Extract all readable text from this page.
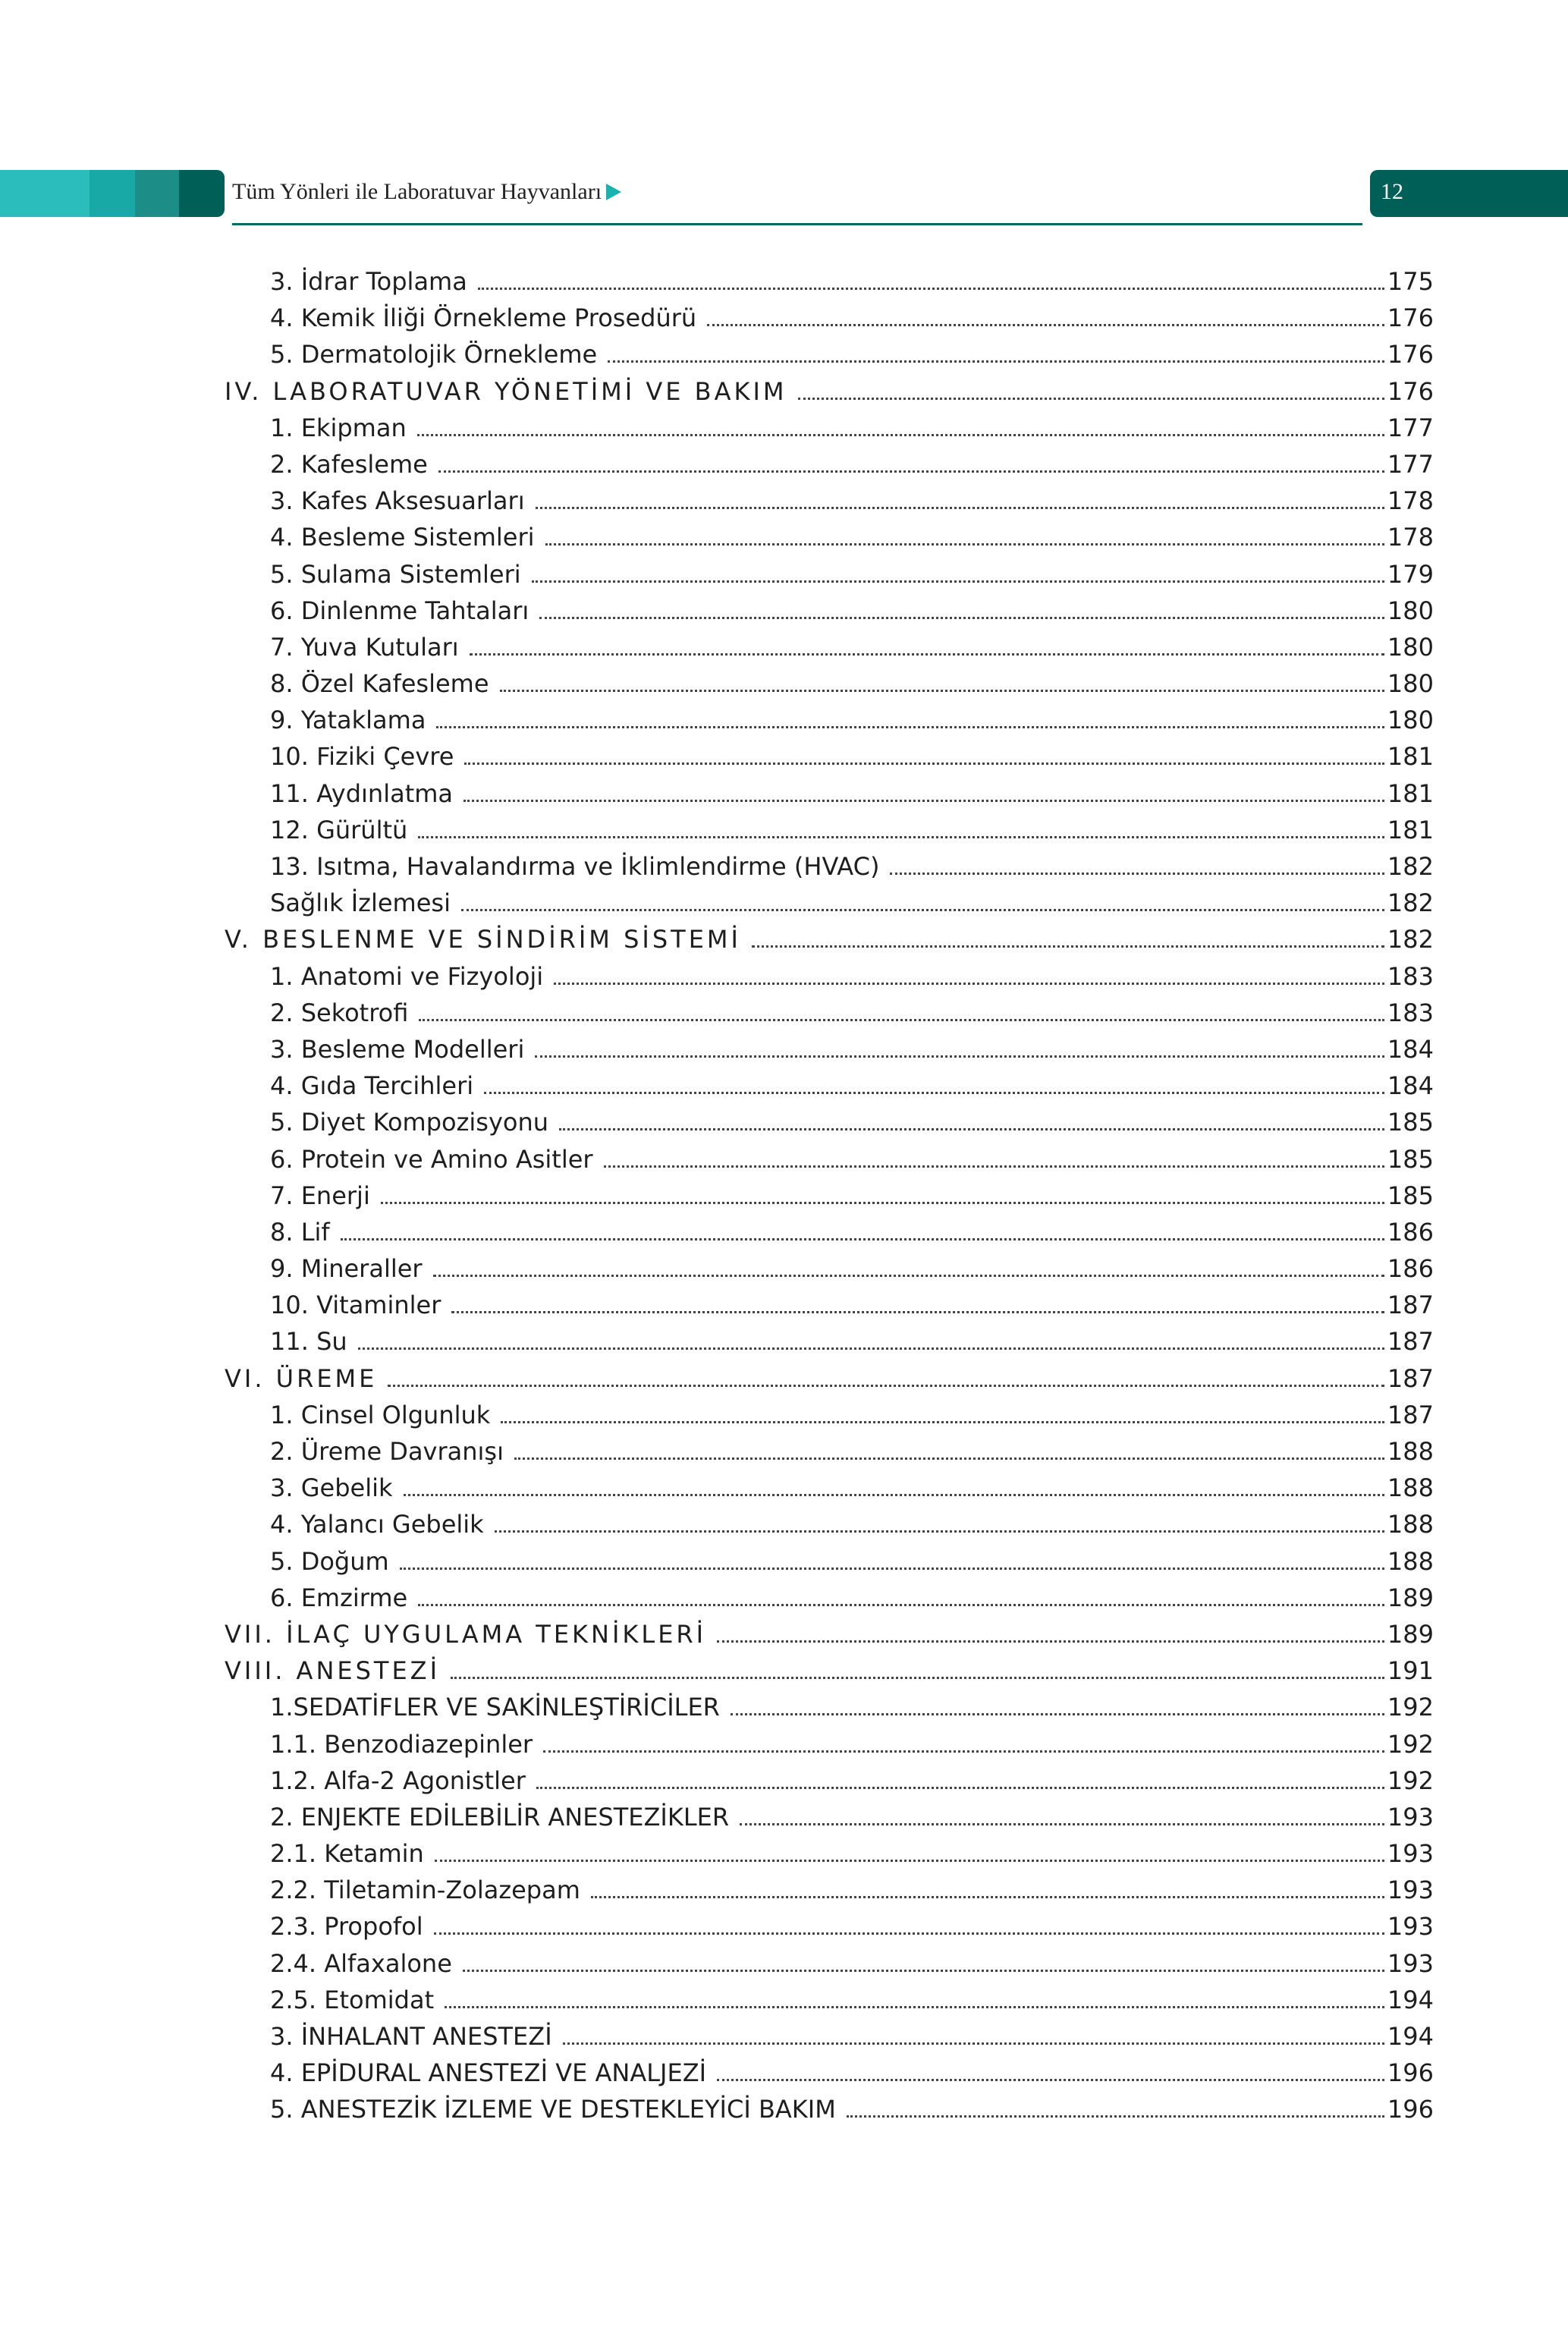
Tüm Yönleri ile Laboratuvar Hayvanları	12
3. İdrar Toplama	175
4. Kemik İliği Örnekleme Prosedürü	176
5. Dermatolojik Örnekleme	176
IV. LABORATUVAR YÖNETİMİ VE BAKIM	176
1. Ekipman	177
2. Kafesleme	177
3. Kafes Aksesuarları	178
4. Besleme Sistemleri	178
5. Sulama Sistemleri	179
6. Dinlenme Tahtaları	180
7. Yuva Kutuları	180
8. Özel Kafesleme	180
9. Yataklama	180
10. Fiziki Çevre	181
11. Aydınlatma	181
12. Gürültü	181
13. Isıtma, Havalandırma ve İklimlendirme (HVAC)	182
Sağlık İzlemesi	182
V. BESLENME VE SİNDİRİM SİSTEMİ	182
1. Anatomi ve Fizyoloji	183
2. Sekotrofi	183
3. Besleme Modelleri	184
4. Gıda Tercihleri	184
5. Diyet Kompozisyonu	185
6. Protein ve Amino Asitler	185
7. Enerji	185
8. Lif	186
9. Mineraller	186
10. Vitaminler	187
11. Su	187
VI. ÜREME	187
1. Cinsel Olgunluk	187
2. Üreme Davranışı	188
3. Gebelik	188
4. Yalancı Gebelik	188
5. Doğum	188
6. Emzirme	189
VII. İLAÇ UYGULAMA TEKNİKLERİ	189
VIII. ANESTEZİ	191
1.SEDATİFLER VE SAKİNLEŞTİRİCİLER	192
1.1. Benzodiazepinler	192
1.2. Alfa-2 Agonistler	192
2. ENJEKTE EDİLEBİLİR ANESTEZİKLER	193
2.1. Ketamin	193
2.2. Tiletamin-Zolazepam	193
2.3. Propofol	193
2.4. Alfaxalone	193
2.5. Etomidat	194
3. İNHALANT ANESTEZİ	194
4. EPİDURAL ANESTEZİ VE ANALJEZİ	196
5. ANESTEZİK İZLEME VE DESTEKLEYİCİ BAKIM	196
